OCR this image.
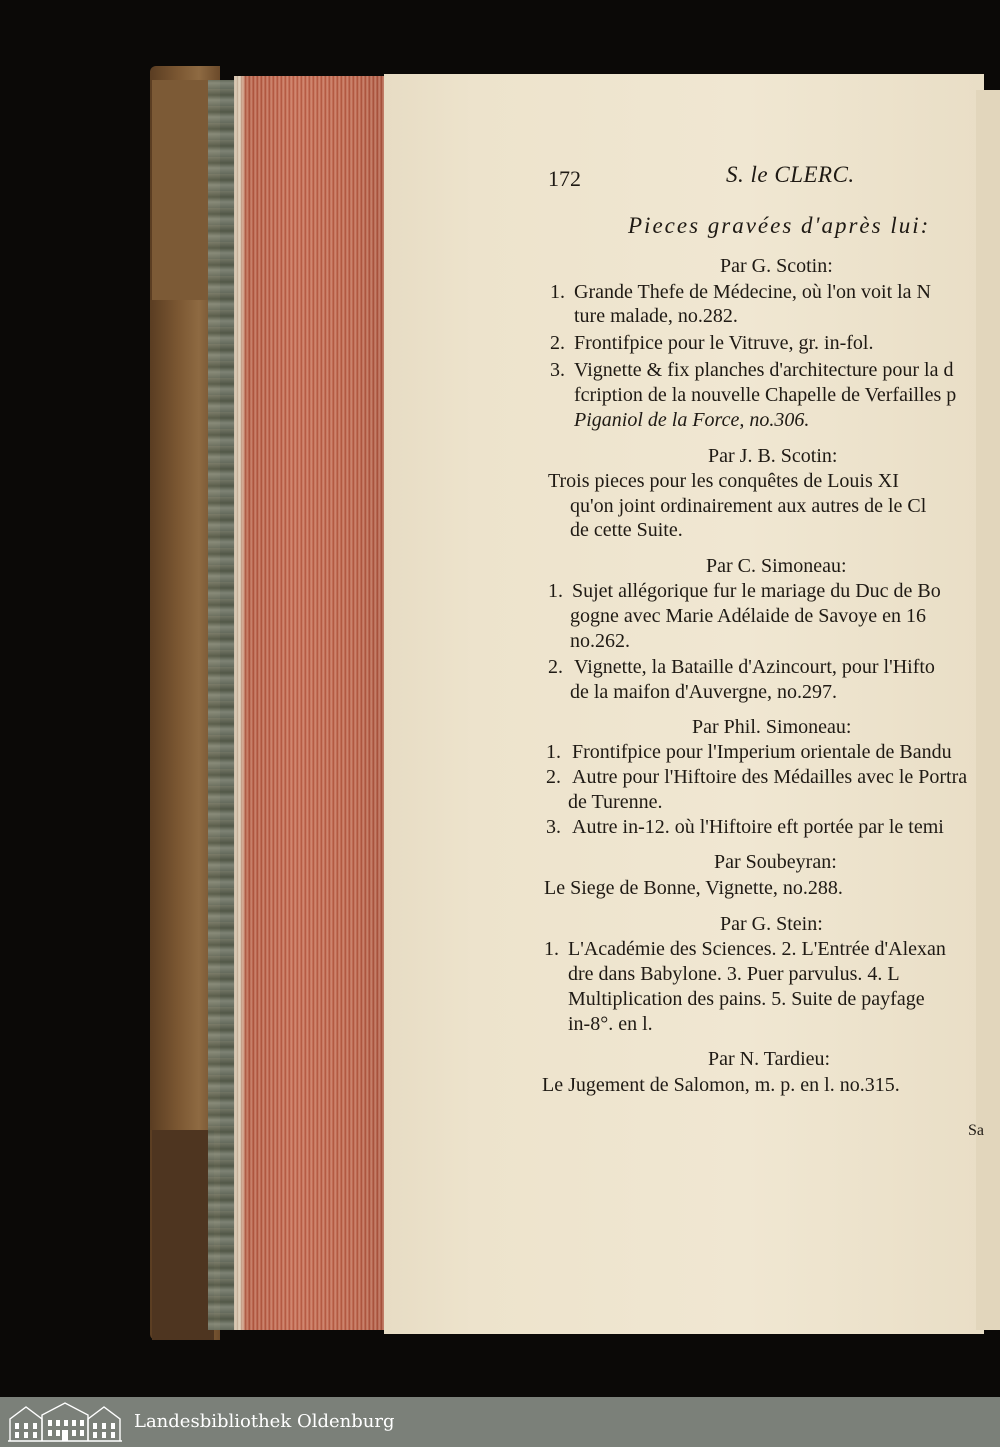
172	S. le CLERC.
Pieces gravées d'après lui:
Par G. Scotin:
1. Grande Thefe de Médecine, où l'on voit la N
ture malade, no.282.
2. Frontifpice pour le Vitruve, gr. in-fol.
3. Vignette & fix planches d'architecture pour la d
fcription de la nouvelle Chapelle de Verfailles p
Piganiol de la Force, no.306.
Par J. B. Scotin:
Trois pieces pour les conquêtes de Louis XI
qu'on joint ordinairement aux autres de le Cl
de cette Suite.
Par C. Simoneau:
1. Sujet allégorique fur le mariage du Duc de Bo
gogne avec Marie Adélaide de Savoye en 16
no.262.
2. Vignette, la Bataille d'Azincourt, pour l'Hifto
de la maifon d'Auvergne, no.297.
Par Phil. Simoneau:
1. Frontifpice pour l'Imperium orientale de Bandu
2. Autre pour l'Hiftoire des Médailles avec le Portra
de Turenne.
3. Autre in-12. où l'Hiftoire eft portée par le temi
Par Soubeyran:
Le Siege de Bonne, Vignette, no.288.
Par G. Stein:
1. L'Académie des Sciences. 2. L'Entrée d'Alexan
dre dans Babylone. 3. Puer parvulus. 4. L
Multiplication des pains. 5. Suite de payfage
in-8°. en l.
Par N. Tardieu:
Le Jugement de Salomon, m. p. en l. no.315.
Sa
Landesbibliothek Oldenburg
